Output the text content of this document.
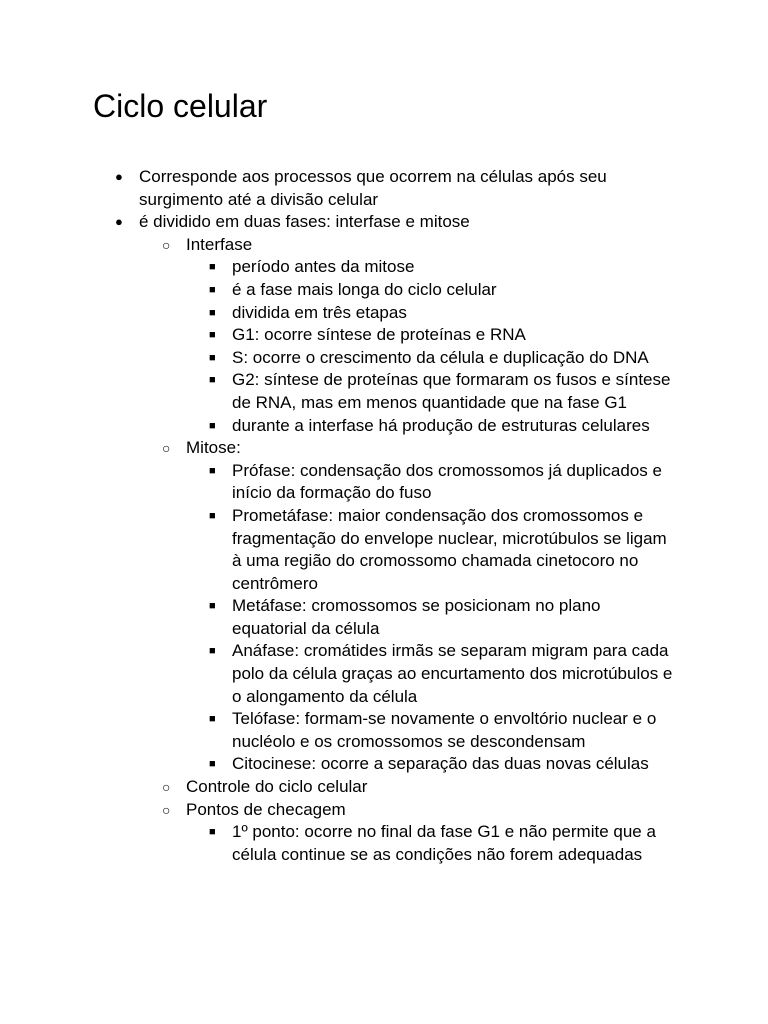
Ciclo celular
● Corresponde aos processos que ocorrem na células após seu surgimento até a divisão celular
● é dividido em duas fases: interfase e mitose
○ Interfase
■ período antes da mitose
■ é a fase mais longa do ciclo celular
■ dividida em três etapas
■ G1: ocorre síntese de proteínas e RNA
■ S: ocorre o crescimento da célula e duplicação do DNA
■ G2: síntese de proteínas que formaram os fusos e síntese de RNA, mas em menos quantidade que na fase G1
■ durante a interfase há produção de estruturas celulares
○ Mitose:
■ Prófase: condensação dos cromossomos já duplicados e início da formação do fuso
■ Prometáfase: maior condensação dos cromossomos e fragmentação do envelope nuclear, microtúbulos se ligam à uma região do cromossomo chamada cinetocoro no centrômero
■ Metáfase: cromossomos se posicionam no plano equatorial da célula
■ Anáfase: cromátides irmãs se separam migram para cada polo da célula graças ao encurtamento dos microtúbulos e o alongamento da célula
■ Telófase: formam-se novamente o envoltório nuclear e o nucléolo e os cromossomos se descondensam
■ Citocinese: ocorre a separação das duas novas células
○ Controle do ciclo celular
○ Pontos de checagem
■ 1º ponto: ocorre no final da fase G1 e não permite que a célula continue se as condições não forem adequadas
